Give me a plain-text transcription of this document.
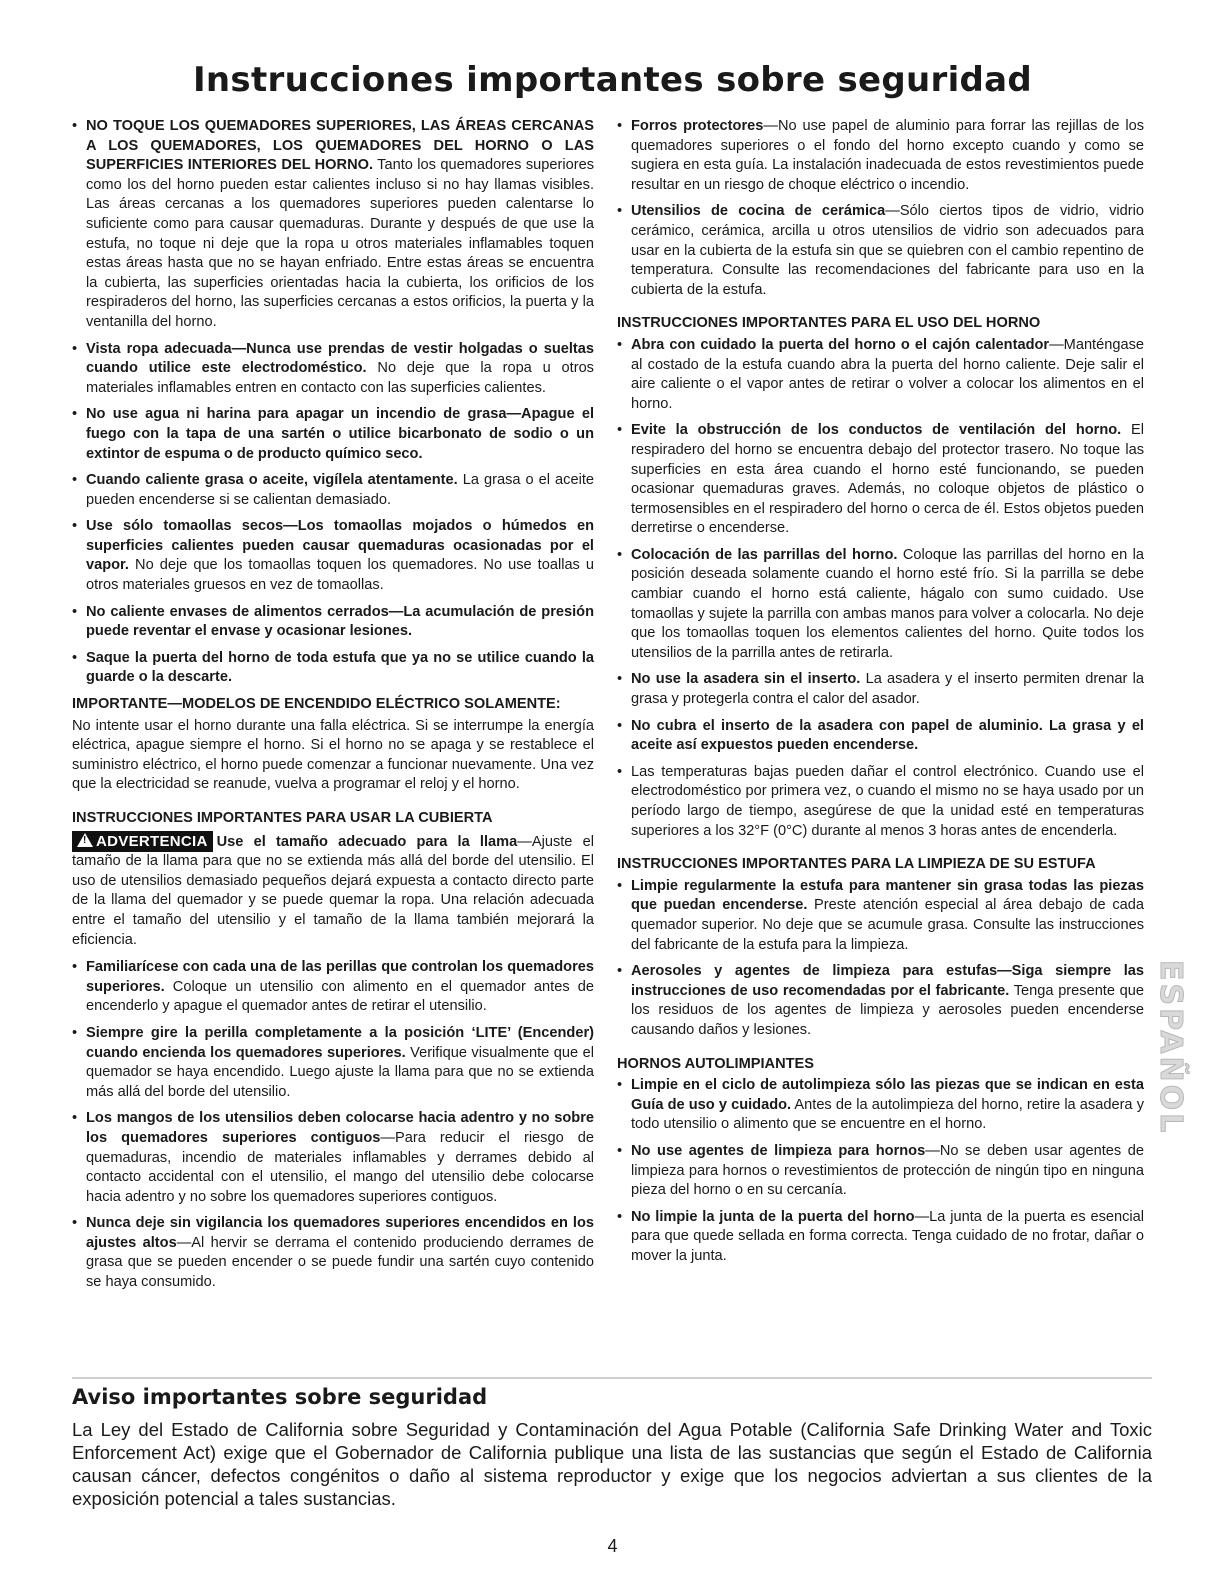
Instrucciones importantes sobre seguridad
• NO TOQUE LOS QUEMADORES SUPERIORES, LAS ÁREAS CERCANAS A LOS QUEMADORES, LOS QUEMADORES DEL HORNO O LAS SUPERFICIES INTERIORES DEL HORNO. Tanto los quemadores superiores como los del horno pueden estar calientes incluso si no hay llamas visibles. Las áreas cercanas a los quemadores superiores pueden calentarse lo suficiente como para causar quemaduras. Durante y después de que use la estufa, no toque ni deje que la ropa u otros materiales inflamables toquen estas áreas hasta que no se hayan enfriado. Entre estas áreas se encuentra la cubierta, las superficies orientadas hacia la cubierta, los orificios de los respiraderos del horno, las superficies cercanas a estos orificios, la puerta y la ventanilla del horno.
• Vista ropa adecuada—Nunca use prendas de vestir holgadas o sueltas cuando utilice este electrodoméstico. No deje que la ropa u otros materiales inflamables entren en contacto con las superficies calientes.
• No use agua ni harina para apagar un incendio de grasa—Apague el fuego con la tapa de una sartén o utilice bicarbonato de sodio o un extintor de espuma o de producto químico seco.
• Cuando caliente grasa o aceite, vigílela atentamente. La grasa o el aceite pueden encenderse si se calientan demasiado.
• Use sólo tomaollas secos—Los tomaollas mojados o húmedos en superficies calientes pueden causar quemaduras ocasionadas por el vapor. No deje que los tomaollas toquen los quemadores. No use toallas u otros materiales gruesos en vez de tomaollas.
• No caliente envases de alimentos cerrados—La acumulación de presión puede reventar el envase y ocasionar lesiones.
• Saque la puerta del horno de toda estufa que ya no se utilice cuando la guarde o la descarte.
IMPORTANTE—MODELOS DE ENCENDIDO ELÉCTRICO SOLAMENTE:
No intente usar el horno durante una falla eléctrica. Si se interrumpe la energía eléctrica, apague siempre el horno. Si el horno no se apaga y se restablece el suministro eléctrico, el horno puede comenzar a funcionar nuevamente. Una vez que la electricidad se reanude, vuelva a programar el reloj y el horno.
INSTRUCCIONES IMPORTANTES PARA USAR LA CUBIERTA
!ADVERTENCIA Use el tamaño adecuado para la llama—Ajuste el tamaño de la llama para que no se extienda más allá del borde del utensilio. El uso de utensilios demasiado pequeños dejará expuesta a contacto directo parte de la llama del quemador y se puede quemar la ropa. Una relación adecuada entre el tamaño del utensilio y el tamaño de la llama también mejorará la eficiencia.
• Familiarícese con cada una de las perillas que controlan los quemadores superiores. Coloque un utensilio con alimento en el quemador antes de encenderlo y apague el quemador antes de retirar el utensilio.
• Siempre gire la perilla completamente a la posición ‘LITE’ (Encender) cuando encienda los quemadores superiores. Verifique visualmente que el quemador se haya encendido. Luego ajuste la llama para que no se extienda más allá del borde del utensilio.
• Los mangos de los utensilios deben colocarse hacia adentro y no sobre los quemadores superiores contiguos—Para reducir el riesgo de quemaduras, incendio de materiales inflamables y derrames debido al contacto accidental con el utensilio, el mango del utensilio debe colocarse hacia adentro y no sobre los quemadores superiores contiguos.
• Nunca deje sin vigilancia los quemadores superiores encendidos en los ajustes altos—Al hervir se derrama el contenido produciendo derrames de grasa que se pueden encender o se puede fundir una sartén cuyo contenido se haya consumido.
• Forros protectores—No use papel de aluminio para forrar las rejillas de los quemadores superiores o el fondo del horno excepto cuando y como se sugiera en esta guía. La instalación inadecuada de estos revestimientos puede resultar en un riesgo de choque eléctrico o incendio.
• Utensilios de cocina de cerámica—Sólo ciertos tipos de vidrio, vidrio cerámico, cerámica, arcilla u otros utensilios de vidrio son adecuados para usar en la cubierta de la estufa sin que se quiebren con el cambio repentino de temperatura. Consulte las recomendaciones del fabricante para uso en la cubierta de la estufa.
INSTRUCCIONES IMPORTANTES PARA EL USO DEL HORNO
• Abra con cuidado la puerta del horno o el cajón calentador—Manténgase al costado de la estufa cuando abra la puerta del horno caliente. Deje salir el aire caliente o el vapor antes de retirar o volver a colocar los alimentos en el horno.
• Evite la obstrucción de los conductos de ventilación del horno. El respiradero del horno se encuentra debajo del protector trasero. No toque las superficies en esta área cuando el horno esté funcionando, se pueden ocasionar quemaduras graves. Además, no coloque objetos de plástico o termosensibles en el respiradero del horno o cerca de él. Estos objetos pueden derretirse o encenderse.
• Colocación de las parrillas del horno. Coloque las parrillas del horno en la posición deseada solamente cuando el horno esté frío. Si la parrilla se debe cambiar cuando el horno está caliente, hágalo con sumo cuidado. Use tomaollas y sujete la parrilla con ambas manos para volver a colocarla. No deje que los tomaollas toquen los elementos calientes del horno. Quite todos los utensilios de la parrilla antes de retirarla.
• No use la asadera sin el inserto. La asadera y el inserto permiten drenar la grasa y protegerla contra el calor del asador.
• No cubra el inserto de la asadera con papel de aluminio. La grasa y el aceite así expuestos pueden encenderse.
• Las temperaturas bajas pueden dañar el control electrónico. Cuando use el electrodoméstico por primera vez, o cuando el mismo no se haya usado por un período largo de tiempo, asegúrese de que la unidad esté en temperaturas superiores a los 32°F (0°C) durante al menos 3 horas antes de encenderla.
INSTRUCCIONES IMPORTANTES PARA LA LIMPIEZA DE SU ESTUFA
• Limpie regularmente la estufa para mantener sin grasa todas las piezas que puedan encenderse. Preste atención especial al área debajo de cada quemador superior. No deje que se acumule grasa. Consulte las instrucciones del fabricante de la estufa para la limpieza.
• Aerosoles y agentes de limpieza para estufas—Siga siempre las instrucciones de uso recomendadas por el fabricante. Tenga presente que los residuos de los agentes de limpieza y aerosoles pueden encenderse causando daños y lesiones.
HORNOS AUTOLIMPIANTES
• Limpie en el ciclo de autolimpieza sólo las piezas que se indican en esta Guía de uso y cuidado. Antes de la autolimpieza del horno, retire la asadera y todo utensilio o alimento que se encuentre en el horno.
• No use agentes de limpieza para hornos—No se deben usar agentes de limpieza para hornos o revestimientos de protección de ningún tipo en ninguna pieza del horno o en su cercanía.
• No limpie la junta de la puerta del horno—La junta de la puerta es esencial para que quede sellada en forma correcta. Tenga cuidado de no frotar, dañar o mover la junta.
ESPAÑOL
Aviso importantes sobre seguridad
La Ley del Estado de California sobre Seguridad y Contaminación del Agua Potable (California Safe Drinking Water and Toxic Enforcement Act) exige que el Gobernador de California publique una lista de las sustancias que según el Estado de California causan cáncer, defectos congénitos o daño al sistema reproductor y exige que los negocios adviertan a sus clientes de la exposición potencial a tales sustancias.
4
